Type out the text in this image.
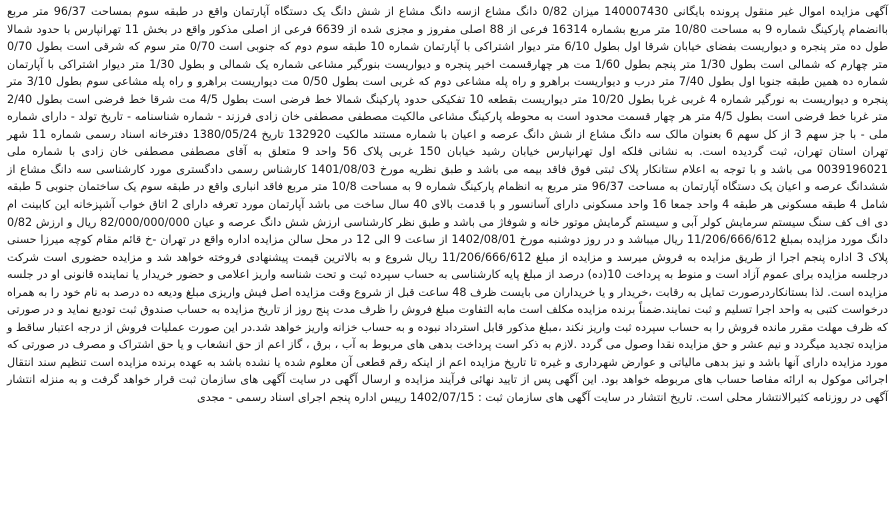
آگهی مزایده اموال غیر منقول پرونده بایگانی 140007430 میزان 0/82 دانگ مشاع ازسه دانگ مشاع از شش دانگ یک دستگاه آپارتمان واقع در طبقه سوم بمساحت 96/37 متر مربع باانضمام پارکینگ شماره 9 به مساحت 10/80 متر مربع بشماره 16314 فرعی از 88 اصلی مفروز و مجزی شده از 6639 فرعی از اصلی مذکور واقع در بخش 11 تهرانپارس با حدود شمالا طول ده متر پنجره و دیواریست بفضای خیابان شرقا اول بطول 6/10 متر دیوار اشتراکی با آپارتمان شماره 10 طبقه سوم دوم که جنوبی است 0/70 متر سوم که شرقی است بطول 0/70 متر چهارم که شمالی است بطول 1/30 متر پنجم بطول 1/60 مت هر چهارقسمت اخیر پنجره و دیواریست بنورگیر مشاعی شماره یک شمالی و بطول 1/30 متر دیوار اشتراکی با آپارتمان شماره ده همین طبقه جنوبا اول بطول 7/40 متر درب و دیواریست براهرو و راه پله مشاعی دوم که غربی است بطول 0/50 مت دیواریست براهرو و راه پله مشاعی سوم بطول 3/10 متر پنجره و دیواریست به نورگیر شماره 4 غربی غربا بطول 10/20 متر دیواریست بقطعه 10 تفکیکی حدود پارکینگ شمالا خط فرضی است بطول 4/5 مت شرقا خط فرضی است بطول 2/40 متر غربا خط فرضی است بطول 4/5 متر هر چهار قسمت محدود است به محوطه پارکینگ مشاعی مالکیت مصطفی مصطفی خان زادی فرزند - شماره شناسنامه - تاریخ تولد - دارای شماره ملی - با جز سهم 3 از کل سهم 6 بعنوان مالک سه دانگ مشاع از شش دانگ عرصه و اعیان با شماره مستند مالکیت 132920 تاریخ 1380/05/24 دفترخانه اسناد رسمی شماره 11 شهر تهران استان تهران، ثبت گردیده است. به نشانی فلکه اول تهرانپارس خیابان رشید خیابان 150 غربی پلاک 56 واحد 9 متعلق به آقای مصطفی مصطفی خان زادی با شماره ملی 0039196021 می باشد و با توجه به اعلام ستانکار پلاک ثبتی فوق فاقد بیمه می باشد و طبق نظریه مورخ 1401/08/03 کارشناس رسمی دادگستری مورد کارشناسی سه دانگ مشاع از ششدانگ عرصه و اعیان یک دستگاه آپارتمان به مساحت 96/37 متر مربع به انظمام پارکینگ شماره 9 به مساحت 10/8 متر مربع فاقد انباری واقع در طبقه سوم یک ساختمان جنوبی 5 طبقه شامل 4 طبقه مسکونی هر طبقه 4 واحد جمعا 16 واحد مسکونی دارای آسانسور و با قدمت بالای 40 سال ساخت می باشد آپارتمان مورد تعرفه دارای 2 اتاق خواب آشپزخانه این کابینت ام دی اف کف سنگ سیستم سرمایش کولر آبی و سیستم گرمایش موتور خانه و شوفاژ می باشد و طبق نظر کارشناسی ارزش شش دانگ عرصه و عیان 82/000/000/000 ریال و ارزش 0/82 دانگ مورد مزایده بمبلغ 11/206/666/612 ریال میباشد و در روز دوشنبه مورخ 1402/08/01 از ساعت 9 الی 12 در محل سالن مزایده اداره واقع در تهران -خ قائم مقام کوچه میرزا حسنی پلاک 3 اداره پنجم اجرا از طریق مزایده به فروش میرسد و مزایده از مبلغ 11/206/666/612 ریال شروع و به بالاترین قیمت پیشنهادی فروخته خواهد شد و مزایده حضوری است شرکت درجلسه مزایده برای عموم آزاد است و منوط به پرداخت 10(ده) درصد از مبلغ پایه کارشناسی به حساب سپرده ثبت و تحت شناسه واریز اعلامی و حضور خریدار یا نماینده قانونی او در جلسه مزایده است. لذا بستانکاردرصورت تمایل به رقابت ،خریدار و یا خریداران می بایست ظرف 48 ساعت قبل از شروع وقت مزایده اصل فیش واریزی مبلغ ودیعه ده درصد به نام خود را به همراه درخواست کتبی به واحد اجرا تسلیم و ثبت نمایند.ضمناً برنده مزایده مکلف است مابه التفاوت مبلغ فروش را ظرف مدت پنج روز از تاریخ مزایده به حساب صندوق ثبت تودیع نماید و در صورتی که ظرف مهلت مقرر مانده فروش را به حساب سپرده ثبت واریز نکند ،مبلغ مذکور قابل استرداد نبوده و به حساب خزانه واریز خواهد شد.در این صورت عملیات فروش از درجه اعتبار ساقط و مزایده تجدید میگردد و نیم عشر و حق مزایده نقدا وصول می گردد .لازم به ذکر است پرداخت بدهی های مربوط به آب ، برق ، گاز اعم از حق انشعاب و یا حق اشتراک و مصرف در صورتی که مورد مزایده دارای آنها باشد و نیز بدهی مالیاتی و عوارض شهرداری و غیره تا تاریخ مزایده اعم از اینکه رقم قطعی آن معلوم شده یا نشده باشد به عهده برنده مزایده است تنظیم سند انتقال اجرائی موکول به ارائه مفاصا حساب های مربوطه خواهد بود. این آگهی پس از تایید نهائی فرآیند مزایده و ارسال آگهی در سایت آگهی های سازمان ثبت قرار خواهد گرفت و به منزله انتشار آگهی در روزنامه کثیرالانتشار محلی است. تاریخ انتشار در سایت آگهی های سازمان ثبت : 1402/07/15 رییس اداره پنجم اجرای اسناد رسمی - مجدی
